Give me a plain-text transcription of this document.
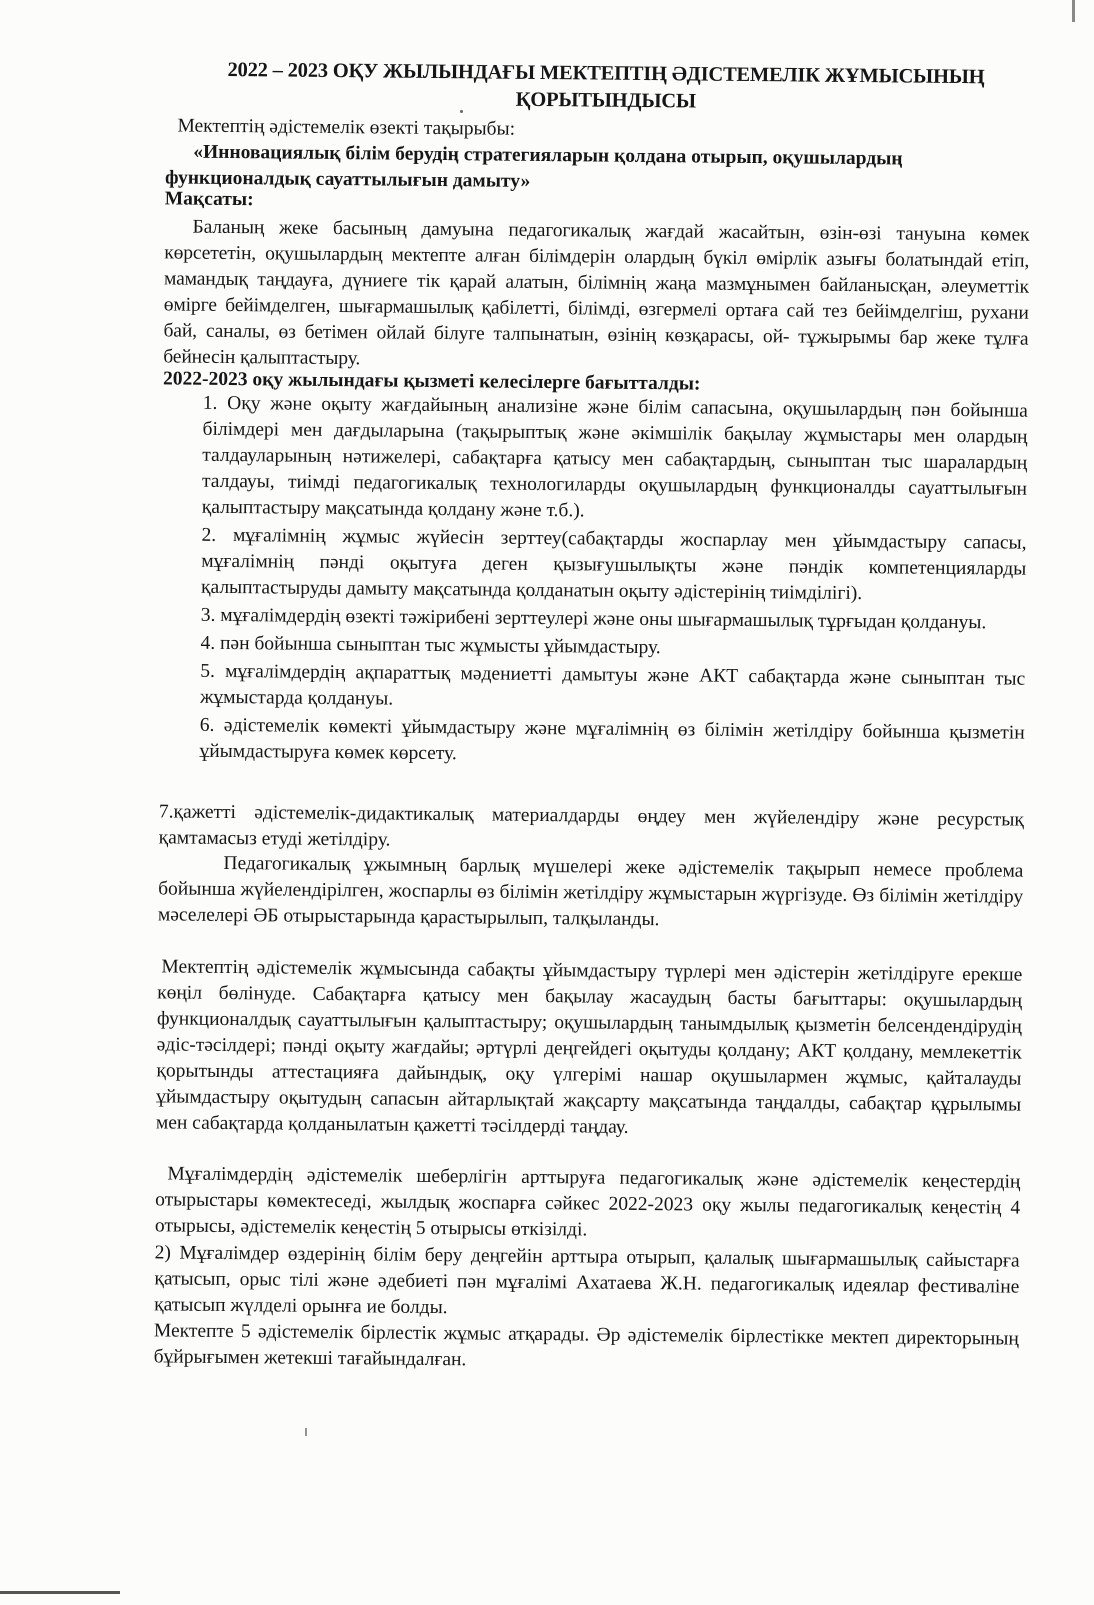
2022 – 2023 ОҚУ ЖЫЛЫНДАҒЫ МЕКТЕПТІҢ ӘДІСТЕМЕЛІК ЖҰМЫСЫНЫҢ ҚОРЫТЫНДЫСЫ
Мектептің әдістемелік өзекті тақырыбы:
«Инновациялық білім берудің стратегияларын қолдана отырып, оқушылардың функционалдық сауаттылығын дамыту»
Мақсаты:
Баланың жеке басының дамуына педагогикалық жағдай жасайтын, өзін-өзі тануына көмек көрсететін, оқушылардың мектепте алған білімдерін олардың бүкіл өмірлік азығы болатындай етіп, мамандық таңдауға, дүниеге тік қарай алатын, білімнің жаңа мазмұнымен байланысқан, әлеуметтік өмірге бейімделген, шығармашылық қабілетті, білімді, өзгермелі ортаға сай тез бейімделгіш, рухани бай, саналы, өз бетімен ойлай білуге талпынатын, өзінің көзқарасы, ой- тұжырымы бар жеке тұлға бейнесін қалыптастыру.
2022-2023 оқу жылындағы қызметі келесілерге бағытталды:
1. Оқу және оқыту жағдайының анализіне және білім сапасына, оқушылардың пән бойынша білімдері мен дағдыларына (тақырыптық және әкімшілік бақылау жұмыстары мен олардың талдауларының нәтижелері, сабақтарға қатысу мен сабақтардың, сыныптан тыс шаралардың талдауы, тиімді педагогикалық технологиларды оқушылардың функционалды сауаттылығын қалыптастыру мақсатында қолдану және т.б.).
2. мұғалімнің жұмыс жүйесін зерттеу(сабақтарды жоспарлау мен ұйымдастыру сапасы, мұғалімнің пәнді оқытуға деген қызығушылықты және пәндік компетенцияларды қалыптастыруды дамыту мақсатында қолданатын оқыту әдістерінің тиімділігі).
3. мұғалімдердің өзекті тәжірибені зерттеулері және оны шығармашылық тұрғыдан қолдануы.
4. пән бойынша сыныптан тыс жұмысты ұйымдастыру.
5. мұғалімдердің ақпараттық мәдениетті дамытуы және АКТ сабақтарда және сыныптан тыс жұмыстарда қолдануы.
6. әдістемелік көмекті ұйымдастыру және мұғалімнің өз білімін жетілдіру бойынша қызметін ұйымдастыруға көмек көрсету.
7.қажетті әдістемелік-дидактикалық материалдарды өңдеу мен жүйелендіру және ресурстық қамтамасыз етуді жетілдіру.
Педагогикалық ұжымның барлық мүшелері жеке әдістемелік тақырып немесе проблема бойынша жүйелендірілген, жоспарлы өз білімін жетілдіру жұмыстарын жүргізуде. Өз білімін жетілдіру мәселелері ӘБ отырыстарында қарастырылып, талқыланды.
Мектептің әдістемелік жұмысында сабақты ұйымдастыру түрлері мен әдістерін жетілдіруге ерекше көңіл бөлінуде. Сабақтарға қатысу мен бақылау жасаудың басты бағыттары: оқушылардың функционалдық сауаттылығын қалыптастыру; оқушылардың танымдылық қызметін белсендендірудің әдіс-тәсілдері; пәнді оқыту жағдайы; әртүрлі деңгейдегі оқытуды қолдану; АКТ қолдану, мемлекеттік қорытынды аттестацияға дайындық, оқу үлгерімі нашар оқушылармен жұмыс, қайталауды ұйымдастыру оқытудың сапасын айтарлықтай жақсарту мақсатында таңдалды, сабақтар құрылымы мен сабақтарда қолданылатын қажетті тәсілдерді таңдау.
Мұғалімдердің әдістемелік шеберлігін арттыруға педагогикалық және әдістемелік кеңестердің отырыстары көмектеседі, жылдық жоспарға сәйкес 2022-2023 оқу жылы педагогикалық кеңестің 4 отырысы, әдістемелік кеңестің 5 отырысы өткізілді.
2) Мұғалімдер өздерінің білім беру деңгейін арттыра отырып, қалалық шығармашылық сайыстарға қатысып, орыс тілі және әдебиеті пән мұғалімі Ахатаева Ж.Н. педагогикалық идеялар фестиваліне қатысып жүлделі орынға ие болды.
Мектепте 5 әдістемелік бірлестік жұмыс атқарады. Әр әдістемелік бірлестікке мектеп директорының бұйрығымен жетекші тағайындалған.
